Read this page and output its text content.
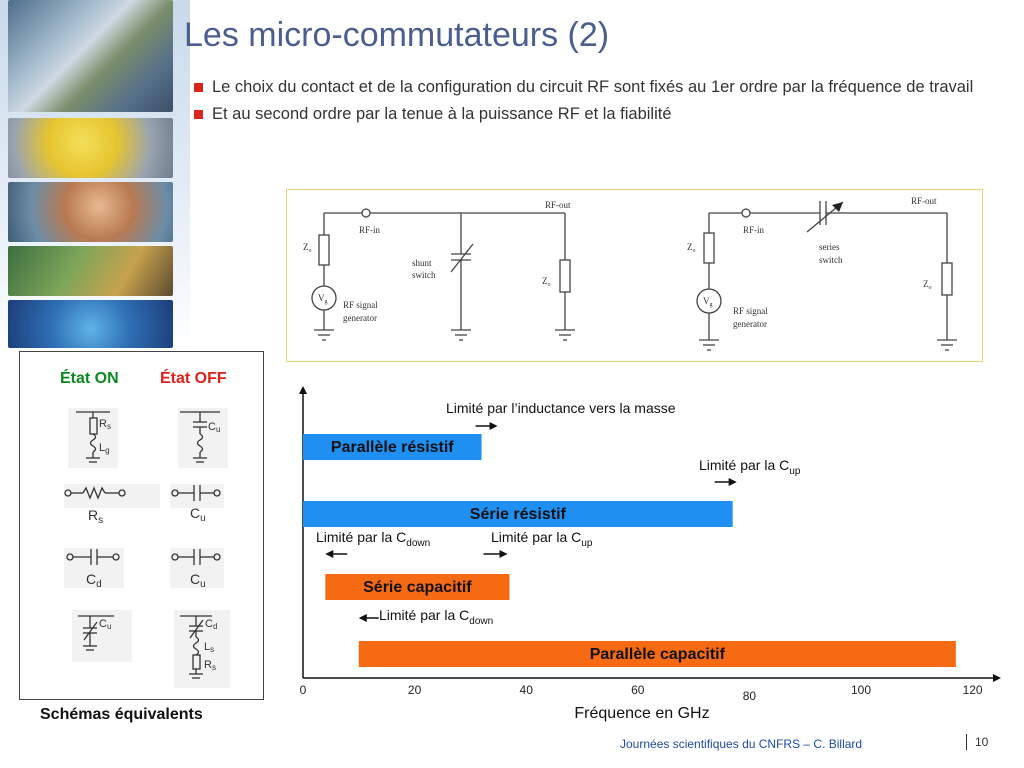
Les micro-commutateurs (2)
Le choix du contact et de la configuration du circuit RF sont fixés au 1er ordre par la fréquence de travail
Et au second ordre par la tenue à la puissance RF et la fiabilité
RF-out
RF-in
$Z_o$
$V_g$ RF signal
generator
shunt
switch
$Z_o$
RF-out
RF-in
$Z_o$
$V_g$
RF signal
generator
series
switch
$Z_o$
État ON	État OFF
Rs
Lg
Cu
$R_s$	$C_u$
$C_d$	$C_u$
Cu	Cd
Ls
Rs
Schémas équivalents
0	20	40	60	80	100	120
Fréquence en GHz
Parallèle résistif
Série résistif
Série capacitif
Parallèle capacitif
Limité par l’inductance vers la masse
Limité par la $C_{up}$
Limité par la $C_{down}$	Limité par la $C_{up}$
Limité par la $C_{down}$
Journées scientifiques du CNFRS – C. Billard	10
